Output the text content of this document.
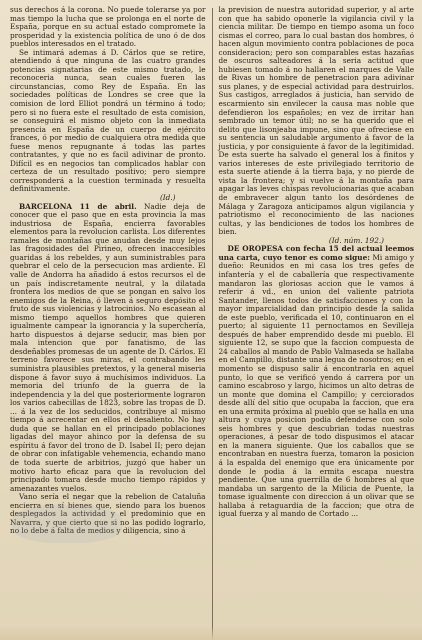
sus derechos á la corona. No puede tolerarse ya por mas tiempo la lucha que se prolonga en el norte de España, porque en su actual estado compromete la prosperidad y la existencia política de uno ó de dos pueblos interesados en el tratado.

Se intimará ademas á D. Cárlos que se retire, atendiendo á que ninguna de las cuatro grandes potencias signatarias de este mismo tratado, le reconoceria nunca, sean cuales fueren las circunstancias, como Rey de España. En las sociedades políticas de Londres se cree que la comision de lord Elliot pondrá un término á todo; pero si no fuera este el resultado de esta comision, se conseguirá el mismo objeto con la inmediata presencia en España de un cuerpo de ejército frances, ó por medio de cualquiera otra medida que fuese menos repugnante á todas las partes contratantes, y que no es facil adivinar de pronto. Difícil es en negocios tan complicados hablar con certeza de un resultado positivo; pero siempre corresponderá a la cuestion terminada y resuelta definitivamente.

(Id.)

BARCELONA 11 de abril. Nadie deja de conocer que el paso que en esta provincia la mas industriosa de España, encierra favorables elementos para la revolucion carlista. Los diferentes ramales de montañas que anudan desde muy lejos las fragosidades del Pirineo, ofrecen inaccesibles guaridas á los rebeldes, y aun suministrables para quebrar el celo de la persecucion mas ardiente. El valle de Andorra ha añadido á estos recursos el de un país indiscretamente neutral, y la dilatada frontera los medios de que se pongan en salvo los enemigos de la Reina, ó lleven á seguro depósito el fruto de sus violencias y latrocinios. No escasean al mismo tiempo aquellos hombres que quieren igualmente campear la ignorancia y la superchería, harto dispuestos á dejarse seducir, mas bien por mala intencion que por fanatismo, de las desdeñables promesas de un agente de D. Cárlos. El terreno favorece sus miras, el contrabando les suministra plausibles pretextos, y la general miseria dispone á favor suyo á muchísimos individuos. La memoria del triunfo de la guerra de la independencia y la del que posteriormente lograron los varios cabecillas de 1823, sobre las tropas de D. ... á la vez de los seducidos, contribuye al mismo tiempo á acrecentar en ellos el desaliento. No hay duda que se hallan en el principado poblaciones ligadas del mayor ahinco por la defensa de su espíritu á favor del trono de D. Isabel II; pero dejan de obrar con infatigable vehemencia, echando mano de toda suerte de arbitrios, juzgó que haber un motivo harto eficaz para que la revolucion del principado tomara desde mucho tiempo rápidos y amenazantes vuelos.

Vano sería el negar que la rebelion de Cataluña encierra en sí bienes que, siendo para los buenos desplegados la actividad y el predominio que en Navarra, y que cierto que si no las podido lograrlo, no lo debe á falta de medios y diligencia, sino á

la prevision de nuestra autoridad superior, y al arte con que ha sabido oponerle la vigilancia civil y la ciencia militar. De tiempo en tiempo asoma un foco cismas el correo, para lo cual bastan dos hombres, ó hacen algun movimiento contra poblaciones de poca consideracion; pero son comparables estas hazañas de oscuros salteadores á la seria actitud que hubiesen tomado á no hallaren el marques de Valle de Rivas un hombre de penetracion para adivinar sus planes, y de especial actividad para destruirlos. Sus castigos, arreglados á justicia, han servido de escarmiento sin envilecer la causa mas noble que defendieron los españoles; en vez de irritar han sembrado un temor útil; no se ha querido que el delito que lisonjeaba impune, sino que ofreciese en su sentencia un saludable argumento á favor de la justicia, y por consiguiente á favor de la legitimidad. De esta suerte ha salvado el general los á finitos y varios intereses de este privilegiado territorio de esta suerte atiende á la tierra baja, y no pierde de vista la frontera; y si vuelve á la montaña para apagar las leves chispas revolucionarias que acaban de embravecer algun tanto los desórdenes de Málaga y Zaragoza anticipamos algun vigilancia y patriotismo el reconocimiento de las naciones cultas, y las bendiciones de todos los hombres de bien.

(Id. núm. 192.)

DE OROPESA con fecha 15 del actual leemos una carta, cuyo tenor es como sigue: Mi amigo y dueño: Reunidos en mi casa los tres gefes de infantería y el de caballería que respectivamente mandaron las gloriosas accion que le vamos á referir á vd., en union del valiente patriota Santander, llenos todos de satisfacciones y con la mayor imparcialidad dan principio desde la salida de este pueblo, verificada el 10, continuaron en el puerto; al siguiente 11 pernoctamos en Sevilleja después de haber emprendido desde mi pueblo. El siguiente 12, se supo que la faccion compuesta de 24 caballos al mando de Pablo Valmaseda se hallaba en el Campillo, distante una legua de nosotros; en el momento se dispuso salir á encontrarla en aquel punto, lo que se verificó yendo á carrera por un camino escabroso y largo, hicimos un alto detras de un monte que domina el Campillo; y cerciorados desde allí del sitio que ocupaba la faccion, que era en una ermita próxima al pueblo que se halla en una altura y cuya posicion podia defenderse con solo seis hombres y que descubrian todas nuestras operaciones, á pesar de todo dispusimos el atacar en la manera siguiente. Que los caballos que se encontraban en nuestra fuerza, tomaron la posicion á la espalda del enemigo que era únicamente por donde le podia á la ermita escapa nuestra pendiente. Que una guerrilla de 6 hombres al que mandaba un sargento de la Milicia de Puente, la tomase igualmente con direccion á un olivar que se hallaba á retaguardia de la faccion; que otra de igual fuerza y al mando de Cortado ...
